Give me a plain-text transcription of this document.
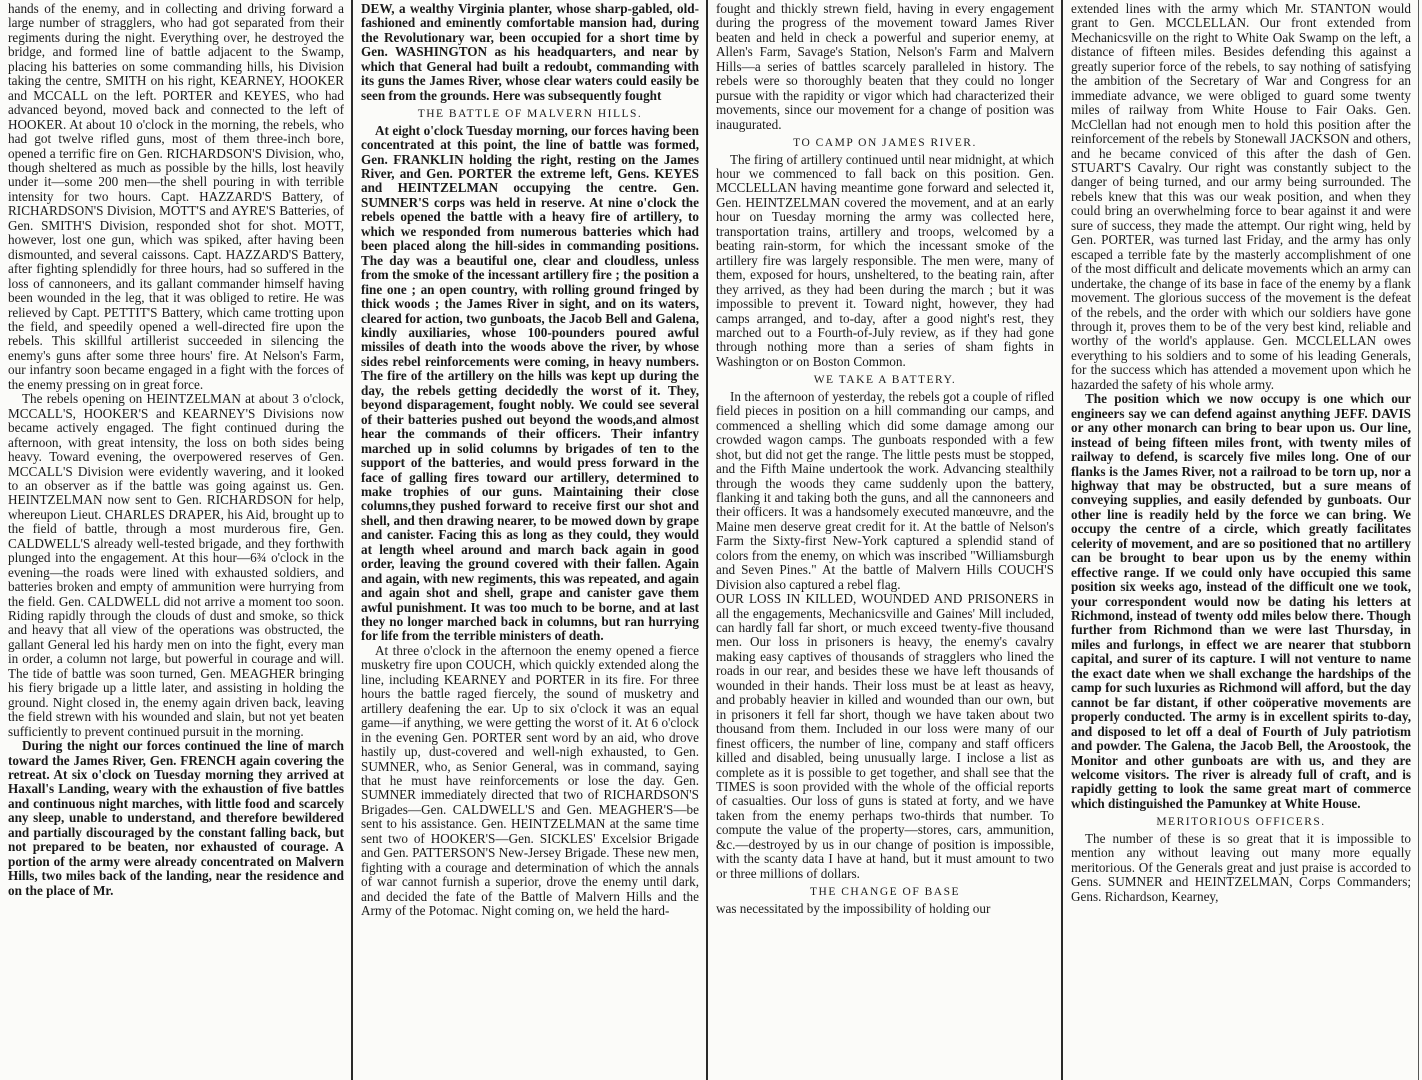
hands of the enemy, and in collecting and driving forward a large number of stragglers, who had got separated from their regiments during the night. Everything over, he destroyed the bridge, and formed line of battle adjacent to the Swamp, placing his batteries on some commanding hills, his Division taking the centre, SMITH on his right, KEARNEY, HOOKER and MCCALL on the left. PORTER and KEYES, who had advanced beyond, moved back and connected to the left of HOOKER. At about 10 o'clock in the morning, the rebels, who had got twelve rifled guns, most of them three-inch bore, opened a terrific fire on Gen. RICHARDSON'S Division, who, though sheltered as much as possible by the hills, lost heavily under it—some 200 men—the shell pouring in with terrible intensity for two hours. Capt. HAZZARD'S Battery, of RICHARDSON'S Division, MOTT'S and AYRE'S Batteries, of Gen. SMITH'S Division, responded shot for shot. MOTT, however, lost one gun, which was spiked, after having been dismounted, and several caissons. Capt. HAZZARD'S Battery, after fighting splendidly for three hours, had so suffered in the loss of cannoneers, and its gallant commander himself having been wounded in the leg, that it was obliged to retire. He was relieved by Capt. PETTIT'S Battery, which came trotting upon the field, and speedily opened a well-directed fire upon the rebels. This skillful artillerist succeeded in silencing the enemy's guns after some three hours' fire. At Nelson's Farm, our infantry soon became engaged in a fight with the forces of the enemy pressing on in great force.

The rebels opening on HEINTZELMAN at about 3 o'clock, MCCALL'S, HOOKER'S and KEARNEY'S Divisions now became actively engaged. The fight continued during the afternoon, with great intensity, the loss on both sides being heavy. Toward evening, the overpowered reserves of Gen. MCCALL'S Division were evidently wavering, and it looked to an observer as if the battle was going against us. Gen. HEINTZELMAN now sent to Gen. RICHARDSON for help, whereupon Lieut. CHARLES DRAPER, his Aid, brought up to the field of battle, through a most murderous fire, Gen. CALDWELL'S already well-tested brigade, and they forthwith plunged into the engagement. At this hour—6¾ o'clock in the evening—the roads were lined with exhausted soldiers, and batteries broken and empty of ammunition were hurrying from the field. Gen. CALDWELL did not arrive a moment too soon. Riding rapidly through the clouds of dust and smoke, so thick and heavy that all view of the operations was obstructed, the gallant General led his hardy men on into the fight, every man in order, a column not large, but powerful in courage and will. The tide of battle was soon turned, Gen. MEAGHER bringing his fiery brigade up a little later, and assisting in holding the ground. Night closed in, the enemy again driven back, leaving the field strewn with his wounded and slain, but not yet beaten sufficiently to prevent continued pursuit in the morning.

During the night our forces continued the line of march toward the James River, Gen. FRENCH again covering the retreat. At six o'clock on Tuesday morning they arrived at Haxall's Landing, weary with the exhaustion of five battles and continuous night marches, with little food and scarcely any sleep, unable to understand, and therefore bewildered and partially discouraged by the constant falling back, but not prepared to be beaten, nor exhausted of courage. A portion of the army were already concentrated on Malvern Hills, two miles back of the landing, near the residence and on the place of Mr.

DEW, a wealthy Virginia planter, whose sharp-gabled, old-fashioned and eminently comfortable mansion had, during the Revolutionary war, been occupied for a short time by Gen. WASHINGTON as his headquarters, and near by which that General had built a redoubt, commanding with its guns the James River, whose clear waters could easily be seen from the grounds. Here was subsequently fought

THE BATTLE OF MALVERN HILLS.

At eight o'clock Tuesday morning, our forces having been concentrated at this point, the line of battle was formed, Gen. FRANKLIN holding the right, resting on the James River, and Gen. PORTER the extreme left, Gens. KEYES and HEINTZELMAN occupying the centre. Gen. SUMNER'S corps was held in reserve. At nine o'clock the rebels opened the battle with a heavy fire of artillery, to which we responded from numerous batteries which had been placed along the hill-sides in commanding positions. The day was a beautiful one, clear and cloudless, unless from the smoke of the incessant artillery fire ; the position a fine one ; an open country, with rolling ground fringed by thick woods ; the James River in sight, and on its waters, cleared for action, two gunboats, the Jacob Bell and Galena, kindly auxiliaries, whose 100-pounders poured awful missiles of death into the woods above the river, by whose sides rebel reinforcements were coming, in heavy numbers. The fire of the artillery on the hills was kept up during the day, the rebels getting decidedly the worst of it. They, beyond disparagement, fought nobly. We could see several of their batteries pushed out beyond the woods,and almost hear the commands of their officers. Their infantry marched up in solid columns by brigades of ten to the support of the batteries, and would press forward in the face of galling fires toward our artillery, determined to make trophies of our guns. Maintaining their close columns,they pushed forward to receive first our shot and shell, and then drawing nearer, to be mowed down by grape and canister. Facing this as long as they could, they would at length wheel around and march back again in good order, leaving the ground covered with their fallen. Again and again, with new regiments, this was repeated, and again and again shot and shell, grape and canister gave them awful punishment. It was too much to be borne, and at last they no longer marched back in columns, but ran hurrying for life from the terrible ministers of death.

At three o'clock in the afternoon the enemy opened a fierce musketry fire upon COUCH, which quickly extended along the line, including KEARNEY and PORTER in its fire. For three hours the battle raged fiercely, the sound of musketry and artillery deafening the ear. Up to six o'clock it was an equal game—if anything, we were getting the worst of it. At 6 o'clock in the evening Gen. PORTER sent word by an aid, who drove hastily up, dust-covered and well-nigh exhausted, to Gen. SUMNER, who, as Senior General, was in command, saying that he must have reinforcements or lose the day. Gen. SUMNER immediately directed that two of RICHARDSON'S Brigades—Gen. CALDWELL'S and Gen. MEAGHER'S—be sent to his assistance. Gen. HEINTZELMAN at the same time sent two of HOOKER'S—Gen. SICKLES' Excelsior Brigade and Gen. PATTERSON'S New-Jersey Brigade. These new men, fighting with a courage and determination of which the annals of war cannot furnish a superior, drove the enemy until dark, and decided the fate of the Battle of Malvern Hills and the Army of the Potomac. Night coming on, we held the hard-

fought and thickly strewn field, having in every engagement during the progress of the movement toward James River beaten and held in check a powerful and superior enemy, at Allen's Farm, Savage's Station, Nelson's Farm and Malvern Hills—a series of battles scarcely paralleled in history. The rebels were so thoroughly beaten that they could no longer pursue with the rapidity or vigor which had characterized their movements, since our movement for a change of position was inaugurated.

TO CAMP ON JAMES RIVER.

The firing of artillery continued until near midnight, at which hour we commenced to fall back on this position. Gen. MCCLELLAN having meantime gone forward and selected it, Gen. HEINTZELMAN covered the movement, and at an early hour on Tuesday morning the army was collected here, transportation trains, artillery and troops, welcomed by a beating rain-storm, for which the incessant smoke of the artillery fire was largely responsible. The men were, many of them, exposed for hours, unsheltered, to the beating rain, after they arrived, as they had been during the march ; but it was impossible to prevent it. Toward night, however, they had camps arranged, and to-day, after a good night's rest, they marched out to a Fourth-of-July review, as if they had gone through nothing more than a series of sham fights in Washington or on Boston Common.

WE TAKE A BATTERY.

In the afternoon of yesterday, the rebels got a couple of rifled field pieces in position on a hill commanding our camps, and commenced a shelling which did some damage among our crowded wagon camps. The gunboats responded with a few shot, but did not get the range. The little pests must be stopped, and the Fifth Maine undertook the work. Advancing stealthily through the woods they came suddenly upon the battery, flanking it and taking both the guns, and all the cannoneers and their officers. It was a handsomely executed manœuvre, and the Maine men deserve great credit for it. At the battle of Nelson's Farm the Sixty-first New-York captured a splendid stand of colors from the enemy, on which was inscribed "Williamsburgh and Seven Pines." At the battle of Malvern Hills COUCH'S Division also captured a rebel flag.

OUR LOSS IN KILLED, WOUNDED AND PRISONERS in all the engagements, Mechanicsville and Gaines' Mill included, can hardly fall far short, or much exceed twenty-five thousand men. Our loss in prisoners is heavy, the enemy's cavalry making easy captives of thousands of stragglers who lined the roads in our rear, and besides these we have left thousands of wounded in their hands. Their loss must be at least as heavy, and probably heavier in killed and wounded than our own, but in prisoners it fell far short, though we have taken about two thousand from them. Included in our loss were many of our finest officers, the number of line, company and staff officers killed and disabled, being unusually large. I inclose a list as complete as it is possible to get together, and shall see that the TIMES is soon provided with the whole of the official reports of casualties. Our loss of guns is stated at forty, and we have taken from the enemy perhaps two-thirds that number. To compute the value of the property—stores, cars, ammunition, &c.—destroyed by us in our change of position is impossible, with the scanty data I have at hand, but it must amount to two or three millions of dollars.

THE CHANGE OF BASE

was necessitated by the impossibility of holding our

extended lines with the army which Mr. STANTON would grant to Gen. MCCLELLAN. Our front extended from Mechanicsville on the right to White Oak Swamp on the left, a distance of fifteen miles. Besides defending this against a greatly superior force of the rebels, to say nothing of satisfying the ambition of the Secretary of War and Congress for an immediate advance, we were obliged to guard some twenty miles of railway from White House to Fair Oaks. Gen. McClellan had not enough men to hold this position after the reinforcement of the rebels by Stonewall JACKSON and others, and he became conviced of this after the dash of Gen. STUART'S Cavalry. Our right was constantly subject to the danger of being turned, and our army being surrounded. The rebels knew that this was our weak position, and when they could bring an overwhelming force to bear against it and were sure of success, they made the attempt. Our right wing, held by Gen. PORTER, was turned last Friday, and the army has only escaped a terrible fate by the masterly accomplishment of one of the most difficult and delicate movements which an army can undertake, the change of its base in face of the enemy by a flank movement. The glorious success of the movement is the defeat of the rebels, and the order with which our soldiers have gone through it, proves them to be of the very best kind, reliable and worthy of the world's applause. Gen. MCCLELLAN owes everything to his soldiers and to some of his leading Generals, for the success which has attended a movement upon which he hazarded the safety of his whole army.

The position which we now occupy is one which our engineers say we can defend against anything JEFF. DAVIS or any other monarch can bring to bear upon us. Our line, instead of being fifteen miles front, with twenty miles of railway to defend, is scarcely five miles long. One of our flanks is the James River, not a railroad to be torn up, nor a highway that may be obstructed, but a sure means of conveying supplies, and easily defended by gunboats. Our other line is readily held by the force we can bring. We occupy the centre of a circle, which greatly facilitates celerity of movement, and are so positioned that no artillery can be brought to bear upon us by the enemy within effective range. If we could only have occupied this same position six weeks ago, instead of the difficult one we took, your correspondent would now be dating his letters at Richmond, instead of twenty odd miles below there. Though further from Richmond than we were last Thursday, in miles and furlongs, in effect we are nearer that stubborn capital, and surer of its capture. I will not venture to name the exact date when we shall exchange the hardships of the camp for such luxuries as Richmond will afford, but the day cannot be far distant, if other coöperative movements are properly conducted. The army is in excellent spirits to-day, and disposed to let off a deal of Fourth of July patriotism and powder. The Galena, the Jacob Bell, the Aroostook, the Monitor and other gunboats are with us, and they are welcome visitors. The river is already full of craft, and is rapidly getting to look the same great mart of commerce which distinguished the Pamunkey at White House.

MERITORIOUS OFFICERS.

The number of these is so great that it is impossible to mention any without leaving out many more equally meritorious. Of the Generals great and just praise is accorded to Gens. SUMNER and HEINTZELMAN, Corps Commanders; Gens. Richardson, Kearney,
